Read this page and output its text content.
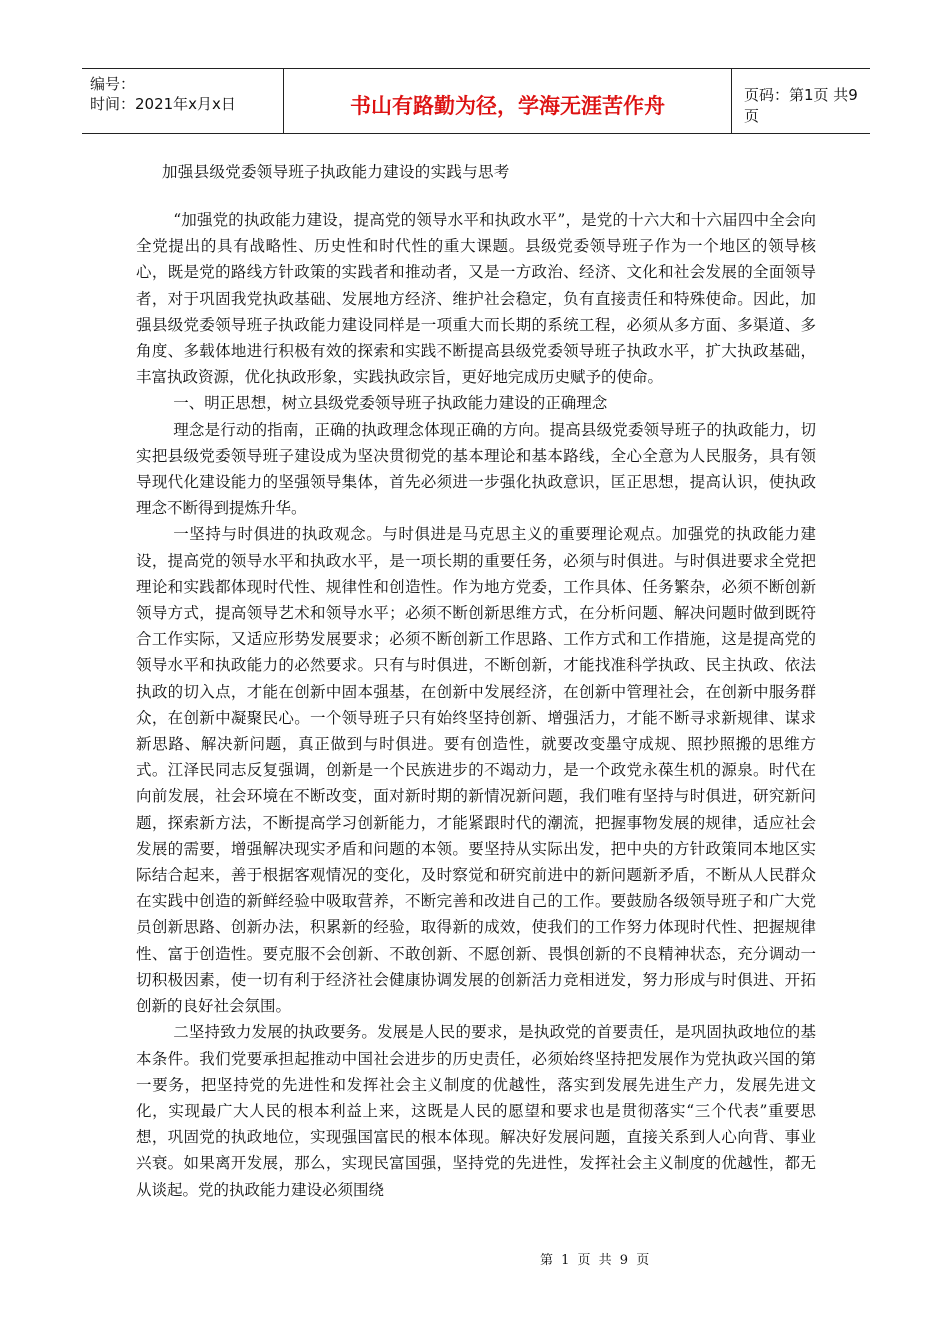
编号：
时间：2021年x月x日	书山有路勤为径，学海无涯苦作舟	页码：第1页 共9页
加强县级党委领导班子执政能力建设的实践与思考

“加强党的执政能力建设，提高党的领导水平和执政水平”，是党的十六大和十六届四中全会向全党提出的具有战略性、历史性和时代性的重大课题。县级党委领导班子作为一个地区的领导核心，既是党的路线方针政策的实践者和推动者，又是一方政治、经济、文化和社会发展的全面领导者，对于巩固我党执政基础、发展地方经济、维护社会稳定，负有直接责任和特殊使命。因此，加强县级党委领导班子执政能力建设同样是一项重大而长期的系统工程，必须从多方面、多渠道、多角度、多载体地进行积极有效的探索和实践不断提高县级党委领导班子执政水平，扩大执政基础，丰富执政资源，优化执政形象，实践执政宗旨，更好地完成历史赋予的使命。

一、明正思想，树立县级党委领导班子执政能力建设的正确理念

理念是行动的指南，正确的执政理念体现正确的方向。提高县级党委领导班子的执政能力，切实把县级党委领导班子建设成为坚决贯彻党的基本理论和基本路线，全心全意为人民服务，具有领导现代化建设能力的坚强领导集体，首先必须进一步强化执政意识，匡正思想，提高认识，使执政理念不断得到提炼升华。

一坚持与时俱进的执政观念。与时俱进是马克思主义的重要理论观点。加强党的执政能力建设，提高党的领导水平和执政水平，是一项长期的重要任务，必须与时俱进。与时俱进要求全党把理论和实践都体现时代性、规律性和创造性。作为地方党委，工作具体、任务繁杂，必须不断创新领导方式，提高领导艺术和领导水平；必须不断创新思维方式，在分析问题、解决问题时做到既符合工作实际，又适应形势发展要求；必须不断创新工作思路、工作方式和工作措施，这是提高党的领导水平和执政能力的必然要求。只有与时俱进，不断创新，才能找准科学执政、民主执政、依法执政的切入点，才能在创新中固本强基，在创新中发展经济，在创新中管理社会，在创新中服务群众，在创新中凝聚民心。一个领导班子只有始终坚持创新、增强活力，才能不断寻求新规律、谋求新思路、解决新问题，真正做到与时俱进。要有创造性，就要改变墨守成规、照抄照搬的思维方式。江泽民同志反复强调，创新是一个民族进步的不竭动力，是一个政党永葆生机的源泉。时代在向前发展，社会环境在不断改变，面对新时期的新情况新问题，我们唯有坚持与时俱进，研究新问题，探索新方法，不断提高学习创新能力，才能紧跟时代的潮流，把握事物发展的规律，适应社会发展的需要，增强解决现实矛盾和问题的本领。要坚持从实际出发，把中央的方针政策同本地区实际结合起来，善于根据客观情况的变化，及时察觉和研究前进中的新问题新矛盾，不断从人民群众在实践中创造的新鲜经验中吸取营养，不断完善和改进自己的工作。要鼓励各级领导班子和广大党员创新思路、创新办法，积累新的经验，取得新的成效，使我们的工作努力体现时代性、把握规律性、富于创造性。要克服不会创新、不敢创新、不愿创新、畏惧创新的不良精神状态，充分调动一切积极因素，使一切有利于经济社会健康协调发展的创新活力竞相迸发，努力形成与时俱进、开拓创新的良好社会氛围。

二坚持致力发展的执政要务。发展是人民的要求，是执政党的首要责任，是巩固执政地位的基本条件。我们党要承担起推动中国社会进步的历史责任，必须始终坚持把发展作为党执政兴国的第一要务，把坚持党的先进性和发挥社会主义制度的优越性，落实到发展先进生产力，发展先进文化，实现最广大人民的根本利益上来，这既是人民的愿望和要求也是贯彻落实“三个代表”重要思想，巩固党的执政地位，实现强国富民的根本体现。解决好发展问题，直接关系到人心向背、事业兴衰。如果离开发展，那么，实现民富国强，坚持党的先进性，发挥社会主义制度的优越性，都无从谈起。党的执政能力建设必须围绕

第 1 页 共 9 页
